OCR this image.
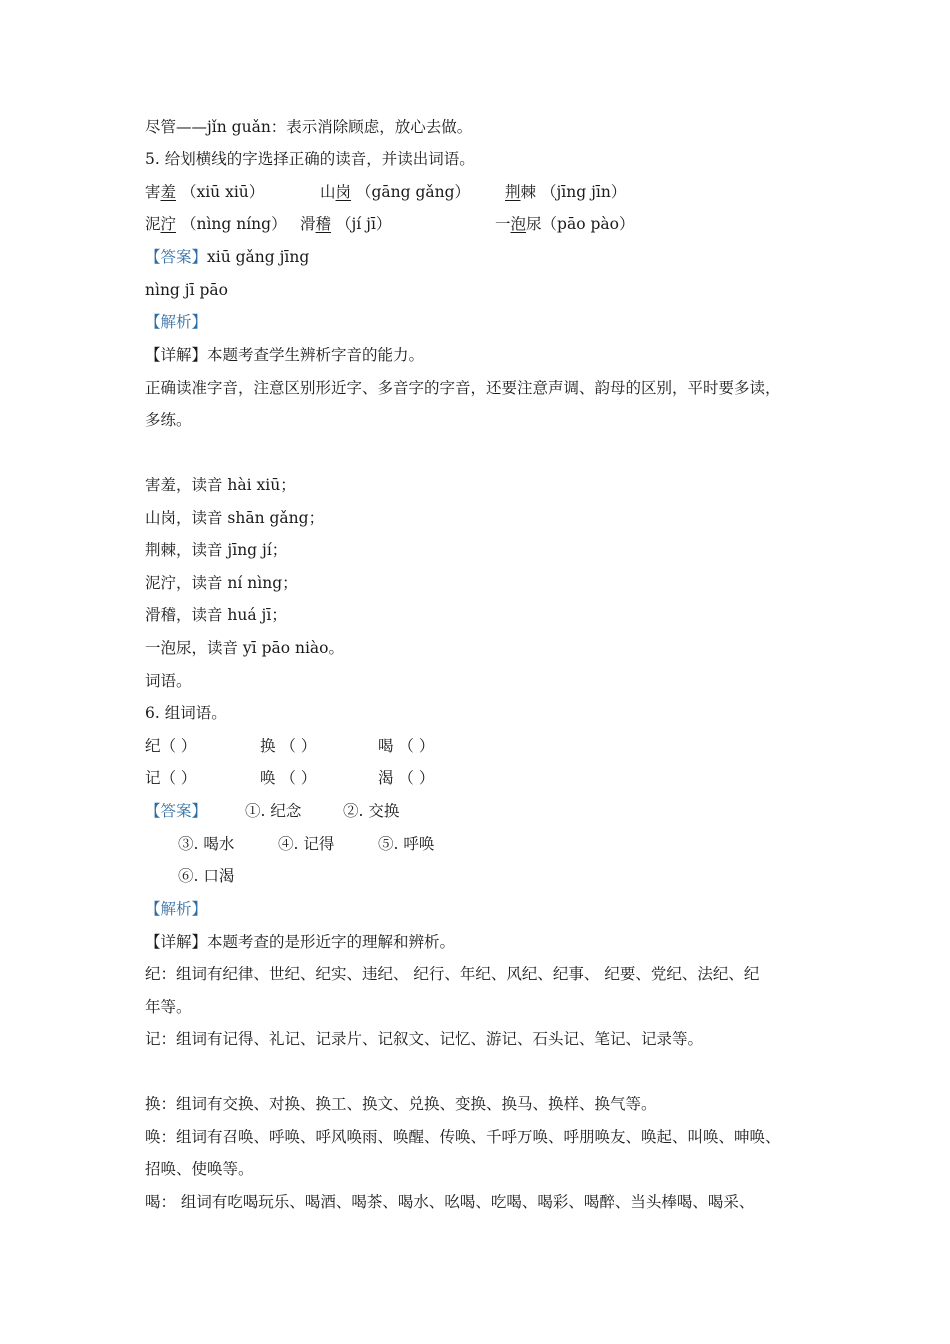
尽管——jǐn guǎn：表示消除顾虑，放心去做。
5. 给划横线的字选择正确的读音，并读出词语。
害羞 （xiū xiū）	山岗 （gāng gǎng） 荆棘 （jīng jīn）
泥泞 （nìng níng） 滑稽 （jí jī）	一泡尿（pāo pào）
【答案】xiū gǎng jīng
nìng jī pāo
【解析】
【详解】本题考查学生辨析字音的能力。
正确读准字音，注意区别形近字、多音字的字音，还要注意声调、韵母的区别，平时要多读，
多练。
害羞，读音 hài xiū；
山岗，读音 shān gǎng；
荆棘，读音 jīng jí；
泥泞，读音 ní nìng；
滑稽，读音 huá jī；
一泡尿，读音 yī pāo niào。
词语。
6. 组词语。
纪（ ）	换 （ ）	喝 （ ）
记（ ）	唤 （ ）	渴 （ ）
【答案】 ①. 纪念	②. 交换
③. 喝水	④. 记得	⑤. 呼唤
⑥. 口渴
【解析】
【详解】本题考查的是形近字的理解和辨析。
纪：组词有纪律、世纪、纪实、违纪、 纪行、年纪、风纪、纪事、 纪要、党纪、法纪、纪
年等。
记：组词有记得、礼记、记录片、记叙文、记忆、游记、石头记、笔记、记录等。
换：组词有交换、对换、换工、换文、兑换、变换、换马、换样、换气等。
唤：组词有召唤、呼唤、呼风唤雨、唤醒、传唤、千呼万唤、呼朋唤友、唤起、叫唤、呻唤、
招唤、使唤等。
喝： 组词有吃喝玩乐、喝酒、喝茶、喝水、吆喝、吃喝、喝彩、喝醉、当头棒喝、喝采、
